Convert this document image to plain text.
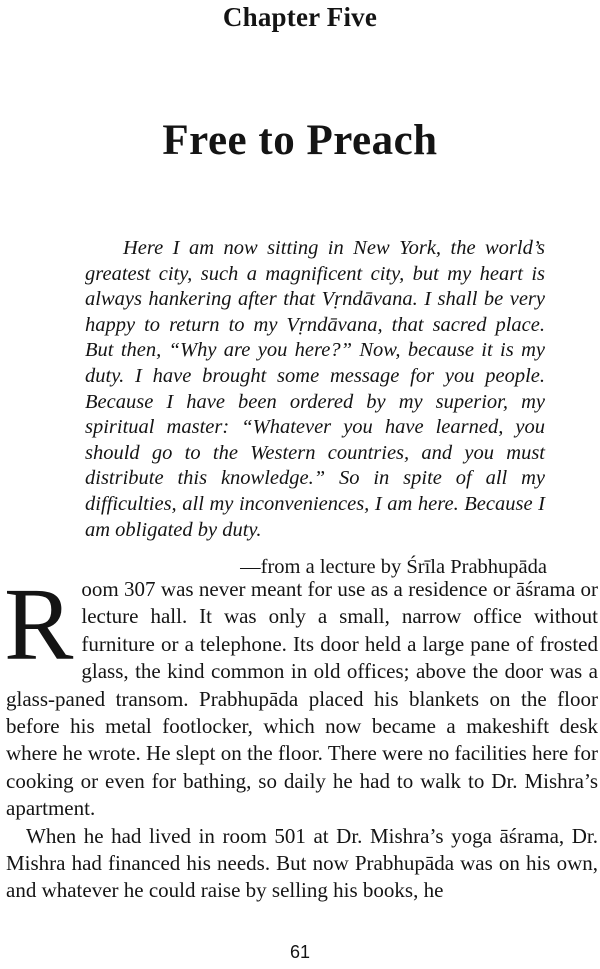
Chapter Five
Free to Preach

Here I am now sitting in New York, the world’s greatest city, such a magnificent city, but my heart is always hankering after that Vṛndāvana. I shall be very happy to return to my Vṛndāvana, that sacred place. But then, “Why are you here?” Now, because it is my duty. I have brought some message for you people. Because I have been ordered by my superior, my spiritual master: “Whatever you have learned, you should go to the Western countries, and you must distribute this knowledge.” So in spite of all my difficulties, all my inconveniences, I am here. Because I am obligated by duty.

—from a lecture by Śrīla Prabhupāda

Room 307 was never meant for use as a residence or āśrama or lecture hall. It was only a small, narrow office without furniture or a telephone. Its door held a large pane of frosted glass, the kind common in old offices; above the door was a glass-paned transom. Prabhupāda placed his blankets on the floor before his metal footlocker, which now became a makeshift desk where he wrote. He slept on the floor. There were no facilities here for cooking or even for bathing, so daily he had to walk to Dr. Mishra’s apartment.

When he had lived in room 501 at Dr. Mishra’s yoga āśrama, Dr. Mishra had financed his needs. But now Prabhupāda was on his own, and whatever he could raise by selling his books, he

61
